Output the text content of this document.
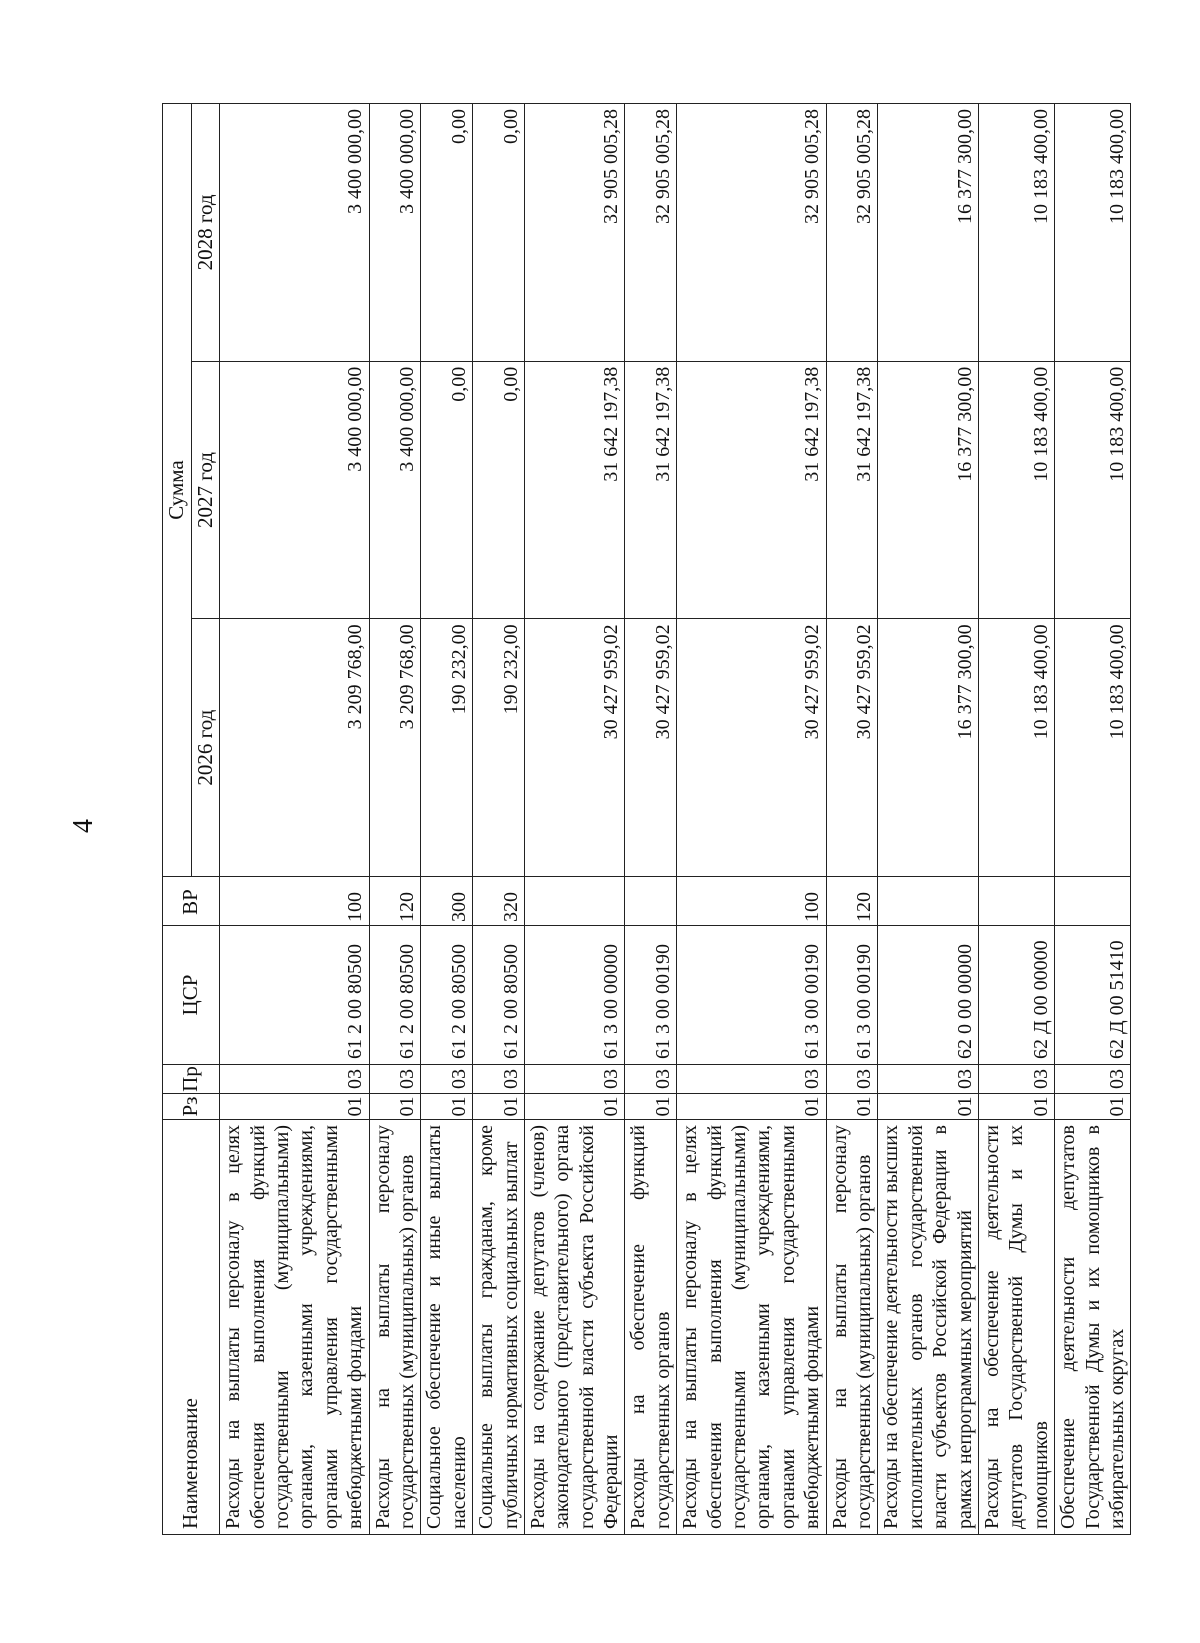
4
Наименование	Рз	Пр	ЦСР	ВР	Сумма		
					2026 год	2027 год	2028 год
Расходы на выплаты персоналу в целях обеспечения выполнения функций государственными (муниципальными) органами, казенными учреждениями, органами управления государственными внебюджетными фондами	01	03	61 2 00 80500	100	3 209 768,00	3 400 000,00	3 400 000,00
Расходы на выплаты персоналу государственных (муниципальных) органов	01	03	61 2 00 80500	120	3 209 768,00	3 400 000,00	3 400 000,00
Социальное обеспечение и иные выплаты населению	01	03	61 2 00 80500	300	190 232,00	0,00	0,00
Социальные выплаты гражданам, кроме публичных нормативных социальных выплат	01	03	61 2 00 80500	320	190 232,00	0,00	0,00
Расходы на содержание депутатов (членов) законодательного (представительного) органа государственной власти субъекта Российской Федерации	01	03	61 3 00 00000		30 427 959,02	31 642 197,38	32 905 005,28
Расходы на обеспечение функций государственных органов	01	03	61 3 00 00190		30 427 959,02	31 642 197,38	32 905 005,28
Расходы на выплаты персоналу в целях обеспечения выполнения функций государственными (муниципальными) органами, казенными учреждениями, органами управления государственными внебюджетными фондами	01	03	61 3 00 00190	100	30 427 959,02	31 642 197,38	32 905 005,28
Расходы на выплаты персоналу государственных (муниципальных) органов	01	03	61 3 00 00190	120	30 427 959,02	31 642 197,38	32 905 005,28
Расходы на обеспечение деятельности высших исполнительных органов государственной власти субъектов Российской Федерации в рамках непрограммных мероприятий	01	03	62 0 00 00000		16 377 300,00	16 377 300,00	16 377 300,00
Расходы на обеспечение деятельности депутатов Государственной Думы и их помощников	01	03	62 Д 00 00000		10 183 400,00	10 183 400,00	10 183 400,00
Обеспечение деятельности депутатов Государственной Думы и их помощников в избирательных округах	01	03	62 Д 00 51410		10 183 400,00	10 183 400,00	10 183 400,00
